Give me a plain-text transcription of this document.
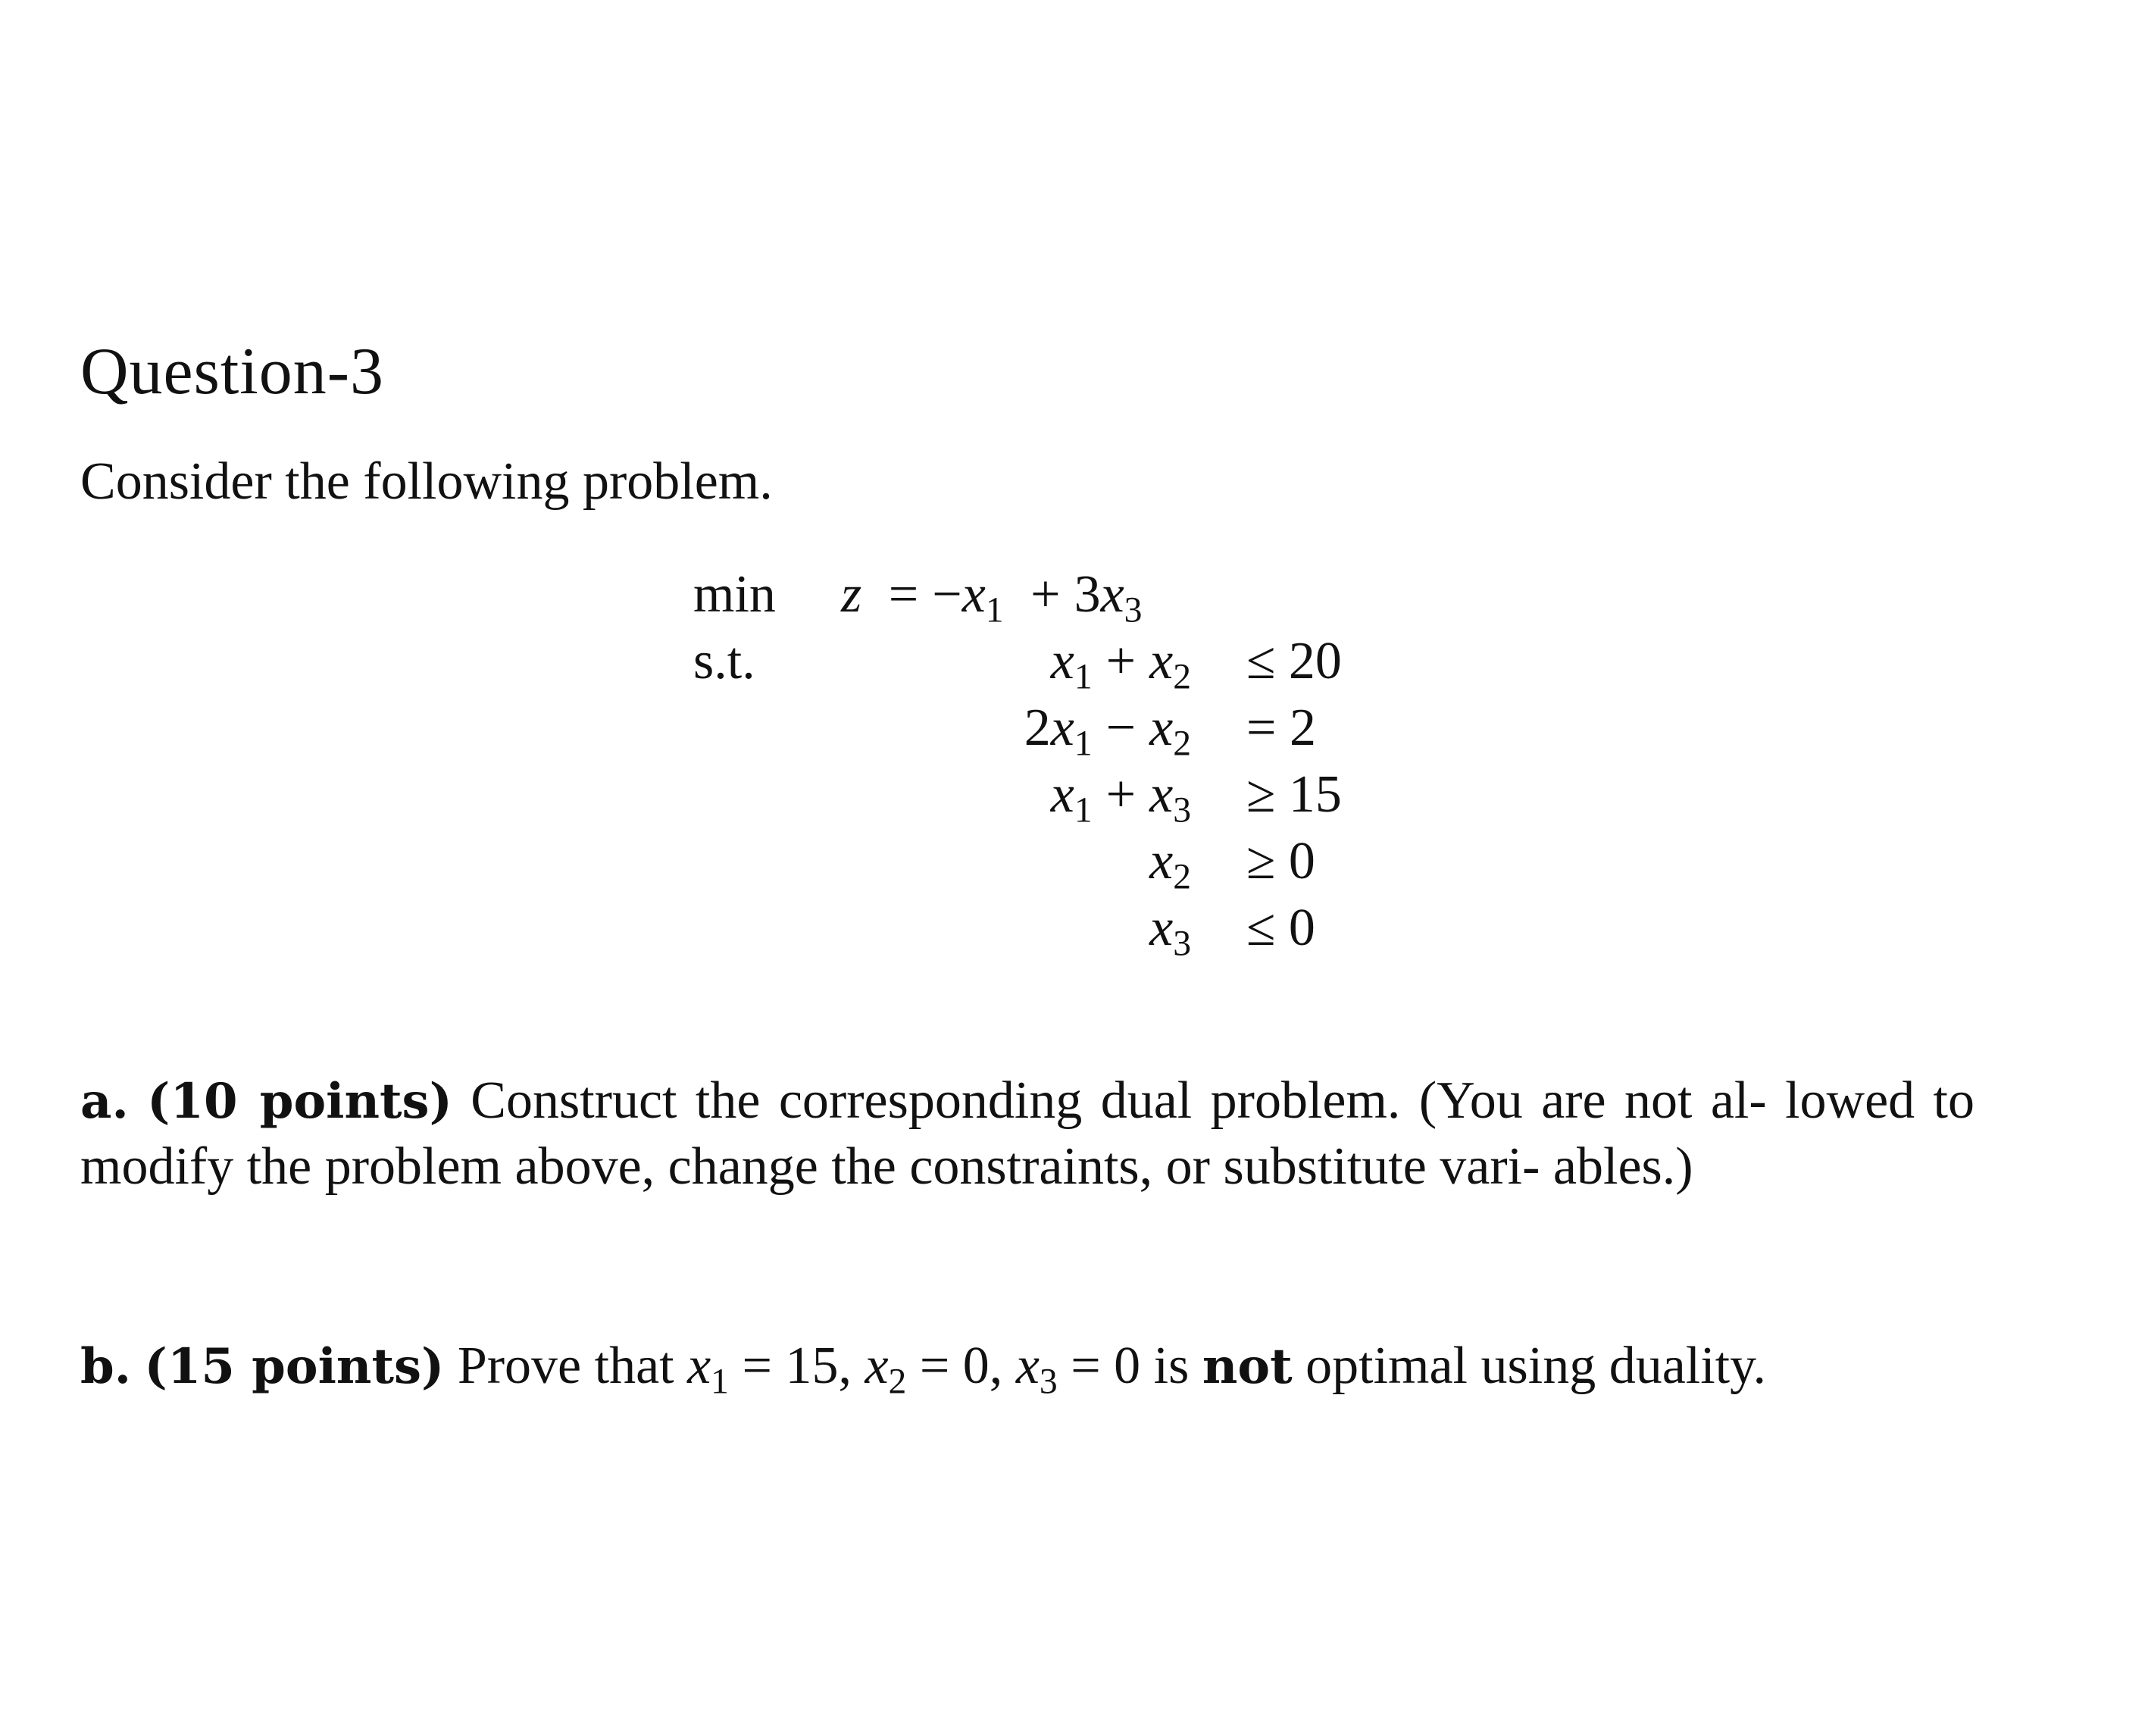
Question-3
Consider the following problem.
min
s.t.
$z = -x_1 + 3x_3$
$x_1 + x_2 \le 20$
$2x_1 - x_2 = 2$
$x_1 + x_3 \ge 15$
$x_2 \ge 0$
$x_3 \le 0$
a. (10 points) Construct the corresponding dual problem. (You are not al- lowed to modify the problem above, change the constraints, or substitute vari- ables.)
b. (15 points) Prove that $x_1 = 15$, $x_2 = 0$, $x_3 = 0$ is not optimal using duality.
